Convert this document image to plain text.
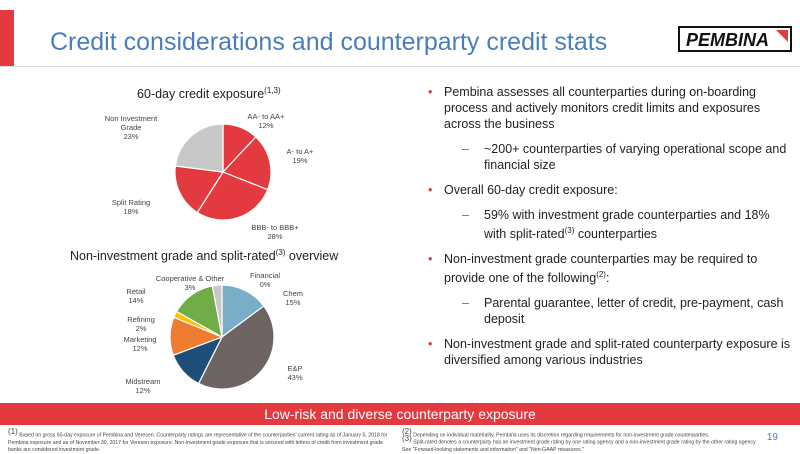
Credit considerations and counterparty credit stats	PEMBINA
60-day credit exposure$^{(1,3)}$
Non-investment grade and split-rated$^{(3)}$ overview
AA- to AA+
12%
A- to A+
19%
BBB- to BBB+
28%
Split Rating
18%
Non Investment Grade
23%
Financial
0%
Chem
15%
E&P
43%
Midstream
12%
Marketing
12%
Refining
2%
Retail
14%
Cooperative & Other
3%
• Pembina assesses all counterparties during on-boarding process and actively monitors credit limits and exposures across the business
– ~200+ counterparties of varying operational scope and financial size
• Overall 60-day credit exposure:
– 59% with investment grade counterparties and 18% with split-rated$^{(3)}$ counterparties
• Non-investment grade counterparties may be required to provide one of the following$^{(2)}$:
– Parental guarantee, letter of credit, pre-payment, cash deposit
• Non-investment grade and split-rated counterparty exposure is diversified among various industries
Low-risk and diverse counterparty exposure
$^{(1)}$ Based on gross 60-day exposure of Pembina and Veresen. Counterparty ratings are representative of the counterparties' current rating as of January 5, 2018 for Pembina exposure and as of November 30, 2017 for Veresen exposure. Non-investment grade exposure that is secured with letters of credit from investment grade banks are considered investment grade.
$^{(2)}$ Depending on individual materiality. Pembina uses its discretion regarding requirements for non-investment grade counterparties.
$^{(3)}$ Split-rated denotes a counterparty has an investment grade rating by one rating agency and a non-investment grade rating by the other rating agency. See "Forward-looking statements and information" and "Non-GAAP measures."
19
